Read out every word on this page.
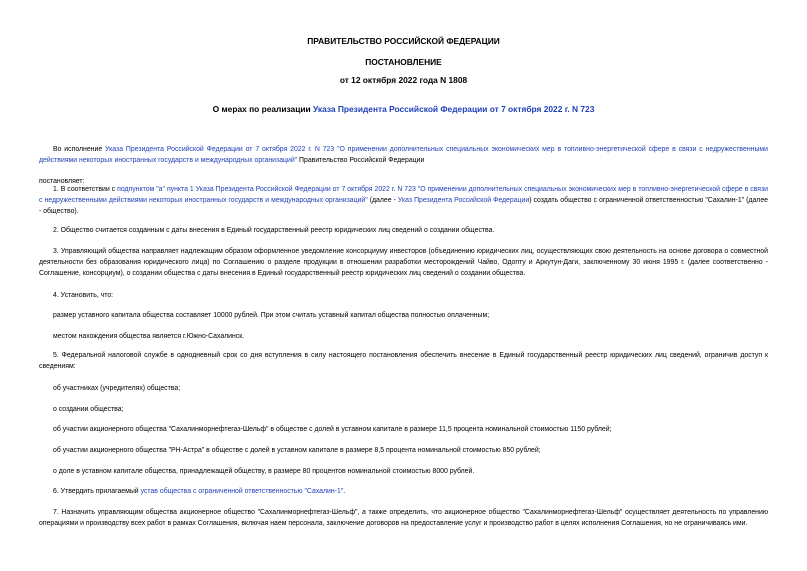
ПРАВИТЕЛЬСТВО РОССИЙСКОЙ ФЕДЕРАЦИИ
ПОСТАНОВЛЕНИЕ
от 12 октября 2022 года N 1808
О мерах по реализации Указа Президента Российской Федерации от 7 октября 2022 г. N 723

Во исполнение Указа Президента Российской Федерации от 7 октября 2022 г. N 723 "О применении дополнительных специальных экономических мер в топливно-энергетической сфере в связи с недружественными действиями некоторых иностранных государств и международных организаций" Правительство Российской Федерации

постановляет:

1. В соответствии с подпунктом "а" пункта 1 Указа Президента Российской Федерации от 7 октября 2022 г. N 723 "О применении дополнительных специальных экономических мер в топливно-энергетической сфере в связи с недружественными действиями некоторых иностранных государств и международных организаций" (далее - Указ Президента Российской Федерации) создать общество с ограниченной ответственностью "Сахалин-1" (далее - общество).

2. Общество считается созданным с даты внесения в Единый государственный реестр юридических лиц сведений о создании общества.

3. Управляющий общества направляет надлежащим образом оформленное уведомление консорциуму инвесторов (объединению юридических лиц, осуществляющих свою деятельность на основе договора о совместной деятельности без образования юридического лица) по Соглашению о разделе продукции в отношении разработки месторождений Чайво, Одопту и Аркутун-Даги, заключенному 30 июня 1995 г. (далее соответственно - Соглашение, консорциум), о создании общества с даты внесения в Единый государственный реестр юридических лиц сведений о создании общества.

4. Установить, что:

размер уставного капитала общества составляет 10000 рублей. При этом считать уставный капитал общества полностью оплаченным;

местом нахождения общества является г.Южно-Сахалинск.

5. Федеральной налоговой службе в однодневный срок со дня вступления в силу настоящего постановления обеспечить внесение в Единый государственный реестр юридических лиц сведений, ограничив доступ к сведениям:

об участниках (учредителях) общества;

о создании общества;

об участии акционерного общества "Сахалинморнефтегаз-Шельф" в обществе с долей в уставном капитале в размере 11,5 процента номинальной стоимостью 1150 рублей;

об участии акционерного общества "РН-Астра" в обществе с долей в уставном капитале в размере 8,5 процента номинальной стоимостью 850 рублей;

о доле в уставном капитале общества, принадлежащей обществу, в размере 80 процентов номинальной стоимостью 8000 рублей.

6. Утвердить прилагаемый устав общества с ограниченной ответственностью "Сахалин-1".

7. Назначить управляющим общества акционерное общество "Сахалинморнефтегаз-Шельф", а также определить, что акционерное общество "Сахалинморнефтегаз-Шельф" осуществляет деятельность по управлению операциями и производству всех работ в рамках Соглашения, включая наем персонала, заключение договоров на предоставление услуг и производство работ в целях исполнения Соглашения, но не ограничиваясь ими.
